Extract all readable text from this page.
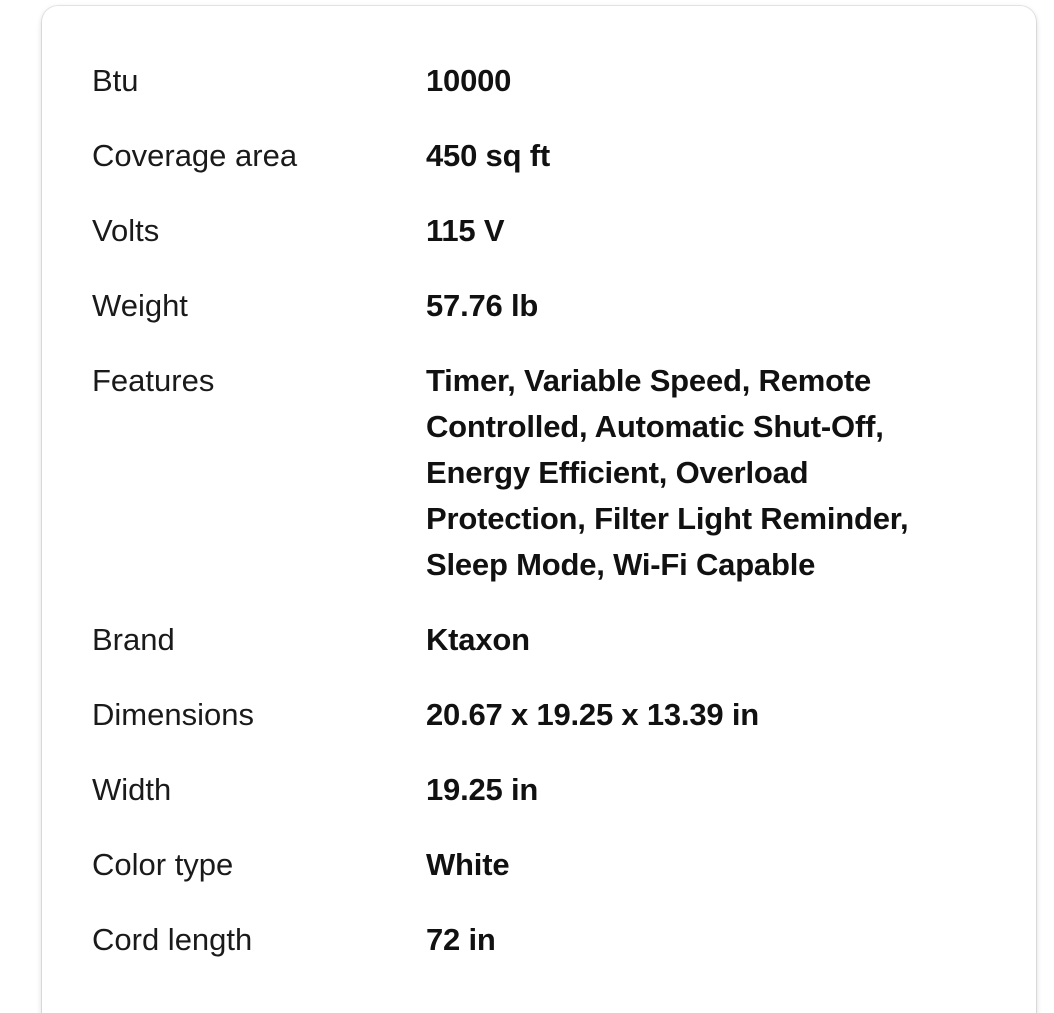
Btu	10000
Coverage area	450 sq ft
Volts	115 V
Weight	57.76 lb
Features	Timer, Variable Speed, Remote Controlled, Automatic Shut-Off, Energy Efficient, Overload Protection, Filter Light Reminder, Sleep Mode, Wi-Fi Capable
Brand	Ktaxon
Dimensions	20.67 x 19.25 x 13.39 in
Width	19.25 in
Color type	White
Cord length	72 in
